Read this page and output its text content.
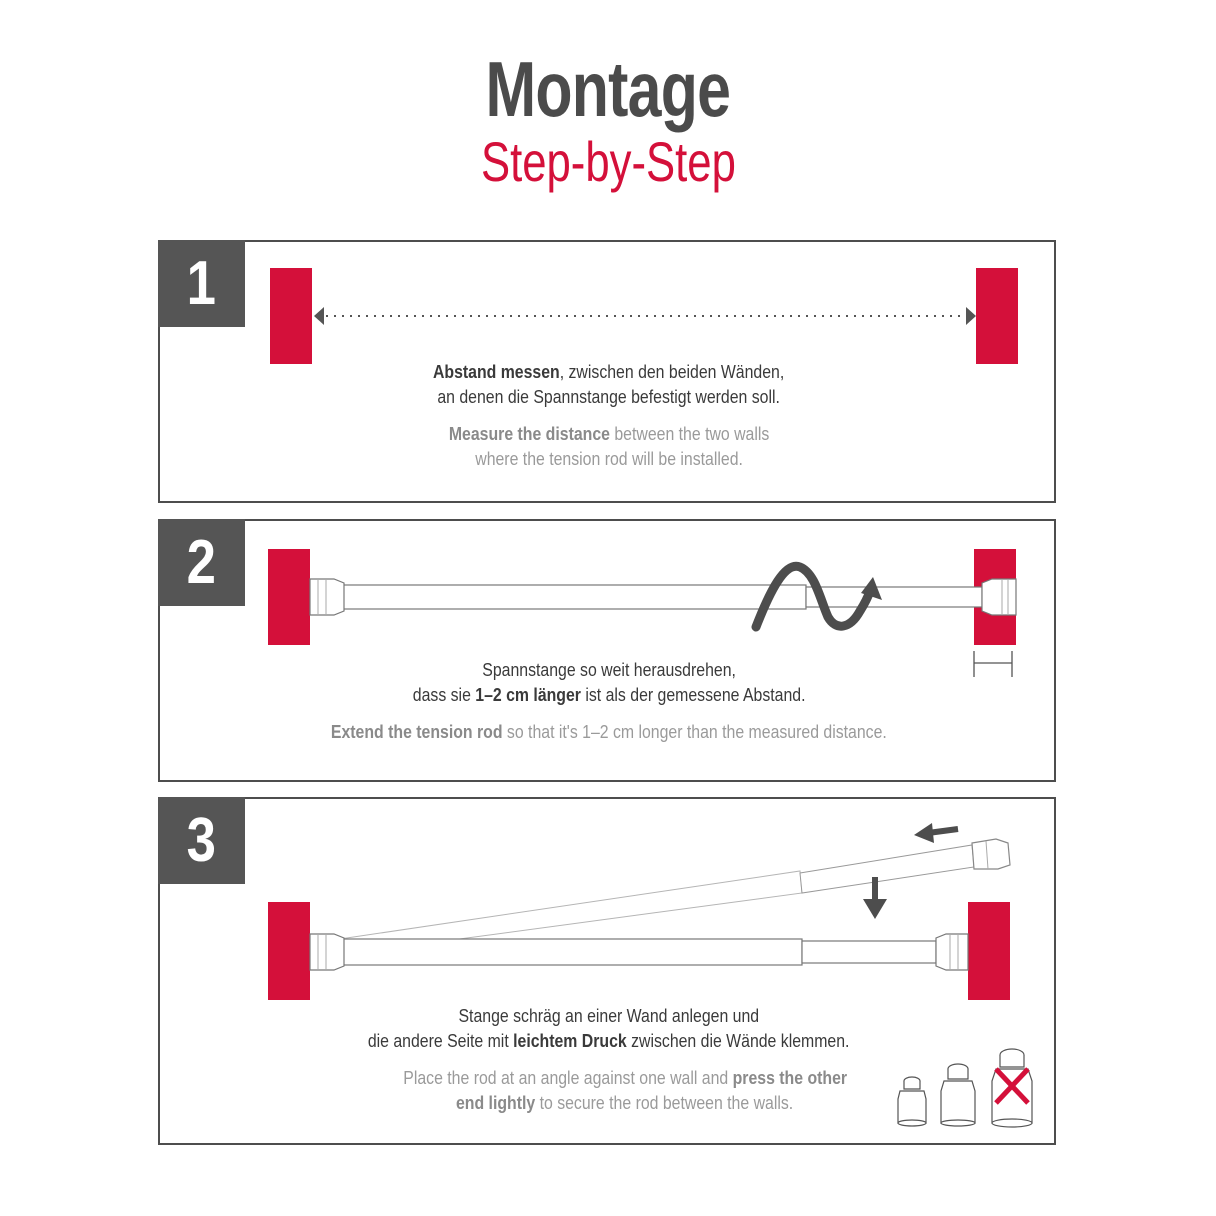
Montage
Step-by-Step
1
Abstand messen, zwischen den beiden Wänden,
an denen die Spannstange befestigt werden soll.
Measure the distance between the two walls
where the tension rod will be installed.
2
Spannstange so weit herausdrehen,
dass sie 1–2 cm länger ist als der gemessene Abstand.
Extend the tension rod so that it's 1–2 cm longer than the measured distance.
3
Stange schräg an einer Wand anlegen und
die andere Seite mit leichtem Druck zwischen die Wände klemmen.
Place the rod at an angle against one wall and press the other
end lightly to secure the rod between the walls.
